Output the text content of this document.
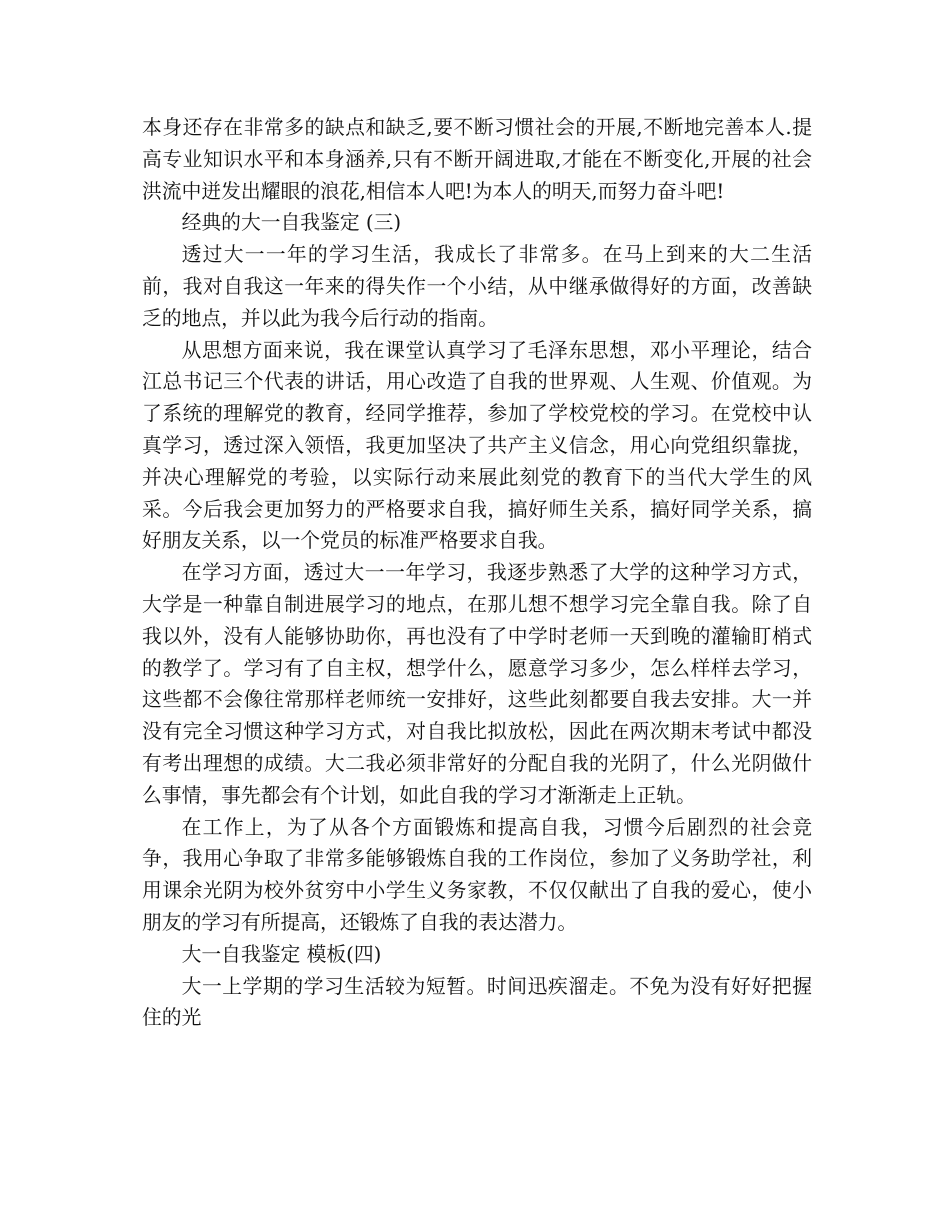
本身还存在非常多的缺点和缺乏,要不断习惯社会的开展,不断地完善本人.提高专业知识水平和本身涵养,只有不断开阔进取,才能在不断变化,开展的社会洪流中迸发出耀眼的浪花,相信本人吧!为本人的明天,而努力奋斗吧!

经典的大一自我鉴定 (三)

透过大一一年的学习生活，我成长了非常多。在马上到来的大二生活前，我对自我这一年来的得失作一个小结，从中继承做得好的方面，改善缺乏的地点，并以此为我今后行动的指南。

从思想方面来说，我在课堂认真学习了毛泽东思想，邓小平理论，结合江总书记三个代表的讲话，用心改造了自我的世界观、人生观、价值观。为了系统的理解党的教育，经同学推荐，参加了学校党校的学习。在党校中认真学习，透过深入领悟，我更加坚决了共产主义信念，用心向党组织靠拢，并决心理解党的考验，以实际行动来展此刻党的教育下的当代大学生的风采。今后我会更加努力的严格要求自我，搞好师生关系，搞好同学关系，搞好朋友关系，以一个党员的标准严格要求自我。

在学习方面，透过大一一年学习，我逐步熟悉了大学的这种学习方式，大学是一种靠自制进展学习的地点，在那儿想不想学习完全靠自我。除了自我以外，没有人能够协助你，再也没有了中学时老师一天到晚的灌输盯梢式的教学了。学习有了自主权，想学什么，愿意学习多少，怎么样样去学习，这些都不会像往常那样老师统一安排好，这些此刻都要自我去安排。大一并没有完全习惯这种学习方式，对自我比拟放松，因此在两次期末考试中都没有考出理想的成绩。大二我必须非常好的分配自我的光阴了，什么光阴做什么事情，事先都会有个计划，如此自我的学习才渐渐走上正轨。

在工作上，为了从各个方面锻炼和提高自我，习惯今后剧烈的社会竞争，我用心争取了非常多能够锻炼自我的工作岗位，参加了义务助学社，利用课余光阴为校外贫穷中小学生义务家教，不仅仅献出了自我的爱心，使小朋友的学习有所提高，还锻炼了自我的表达潜力。

大一自我鉴定 模板(四)

大一上学期的学习生活较为短暂。时间迅疾溜走。不免为没有好好把握住的光
